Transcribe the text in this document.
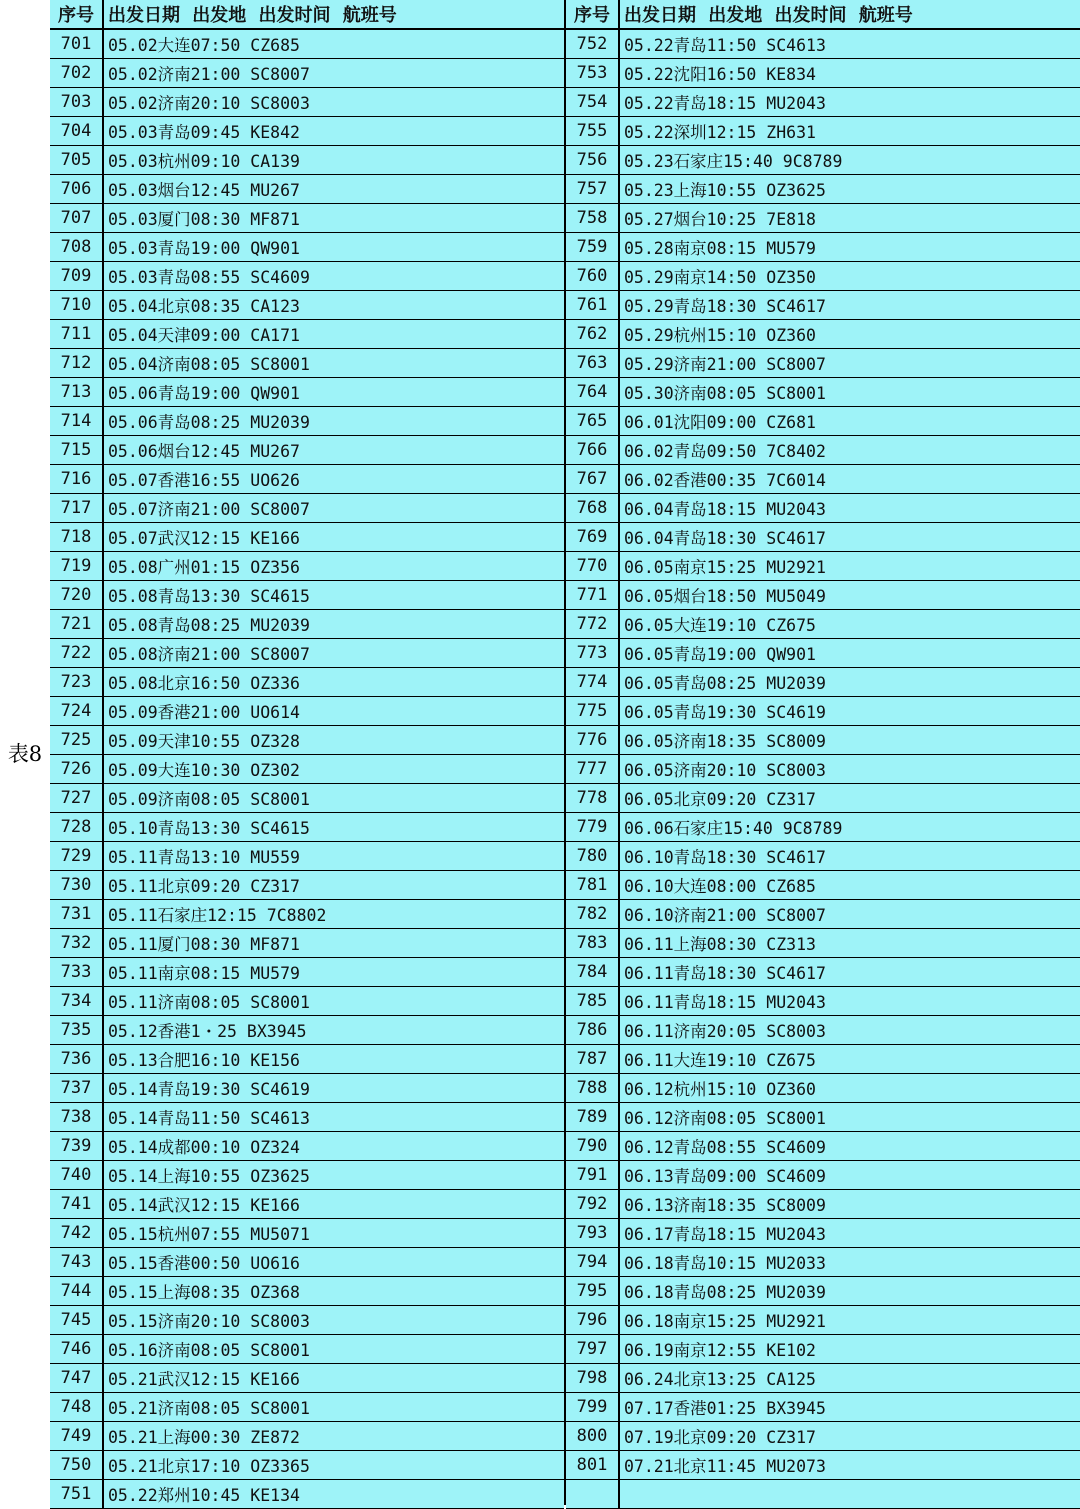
表8
序号 出发日期 出发地 出发时间 航班号
701	05.02大连07:50 CZ685
702	05.02济南21:00 SC8007
703	05.02济南20:10 SC8003
704	05.03青岛09:45 KE842
705	05.03杭州09:10 CA139
706	05.03烟台12:45 MU267
707	05.03厦门08:30 MF871
708	05.03青岛19:00 QW901
709	05.03青岛08:55 SC4609
710	05.04北京08:35 CA123
711	05.04天津09:00 CA171
712	05.04济南08:05 SC8001
713	05.06青岛19:00 QW901
714	05.06青岛08:25 MU2039
715	05.06烟台12:45 MU267
716	05.07香港16:55 UO626
717	05.07济南21:00 SC8007
718	05.07武汉12:15 KE166
719	05.08广州01:15 OZ356
720	05.08青岛13:30 SC4615
721	05.08青岛08:25 MU2039
722	05.08济南21:00 SC8007
723	05.08北京16:50 OZ336
724	05.09香港21:00 UO614
725	05.09天津10:55 OZ328
726	05.09大连10:30 OZ302
727	05.09济南08:05 SC8001
728	05.10青岛13:30 SC4615
729	05.11青岛13:10 MU559
730	05.11北京09:20 CZ317
731	05.11石家庄12:15 7C8802
732	05.11厦门08:30 MF871
733	05.11南京08:15 MU579
734	05.11济南08:05 SC8001
735	05.12香港1・25 BX3945
736	05.13合肥16:10 KE156
737	05.14青岛19:30 SC4619
738	05.14青岛11:50 SC4613
739	05.14成都00:10 OZ324
740	05.14上海10:55 OZ3625
741	05.14武汉12:15 KE166
742	05.15杭州07:55 MU5071
743	05.15香港00:50 UO616
744	05.15上海08:35 OZ368
745	05.15济南20:10 SC8003
746	05.16济南08:05 SC8001
747	05.21武汉12:15 KE166
748	05.21济南08:05 SC8001
749	05.21上海00:30 ZE872
750	05.21北京17:10 OZ3365
751	05.22郑州10:45 KE134
序号 出发日期 出发地 出发时间 航班号
752	05.22青岛11:50 SC4613
753	05.22沈阳16:50 KE834
754	05.22青岛18:15 MU2043
755	05.22深圳12:15 ZH631
756	05.23石家庄15:40 9C8789
757	05.23上海10:55 OZ3625
758	05.27烟台10:25 7E818
759	05.28南京08:15 MU579
760	05.29南京14:50 OZ350
761	05.29青岛18:30 SC4617
762	05.29杭州15:10 OZ360
763	05.29济南21:00 SC8007
764	05.30济南08:05 SC8001
765	06.01沈阳09:00 CZ681
766	06.02青岛09:50 7C8402
767	06.02香港00:35 7C6014
768	06.04青岛18:15 MU2043
769	06.04青岛18:30 SC4617
770	06.05南京15:25 MU2921
771	06.05烟台18:50 MU5049
772	06.05大连19:10 CZ675
773	06.05青岛19:00 QW901
774	06.05青岛08:25 MU2039
775	06.05青岛19:30 SC4619
776	06.05济南18:35 SC8009
777	06.05济南20:10 SC8003
778	06.05北京09:20 CZ317
779	06.06石家庄15:40 9C8789
780	06.10青岛18:30 SC4617
781	06.10大连08:00 CZ685
782	06.10济南21:00 SC8007
783	06.11上海08:30 CZ313
784	06.11青岛18:30 SC4617
785	06.11青岛18:15 MU2043
786	06.11济南20:05 SC8003
787	06.11大连19:10 CZ675
788	06.12杭州15:10 OZ360
789	06.12济南08:05 SC8001
790	06.12青岛08:55 SC4609
791	06.13青岛09:00 SC4609
792	06.13济南18:35 SC8009
793	06.17青岛18:15 MU2043
794	06.18青岛10:15 MU2033
795	06.18青岛08:25 MU2039
796	06.18南京15:25 MU2921
797	06.19南京12:55 KE102
798	06.24北京13:25 CA125
799	07.17香港01:25 BX3945
800	07.19北京09:20 CZ317
801	07.21北京11:45 MU2073
